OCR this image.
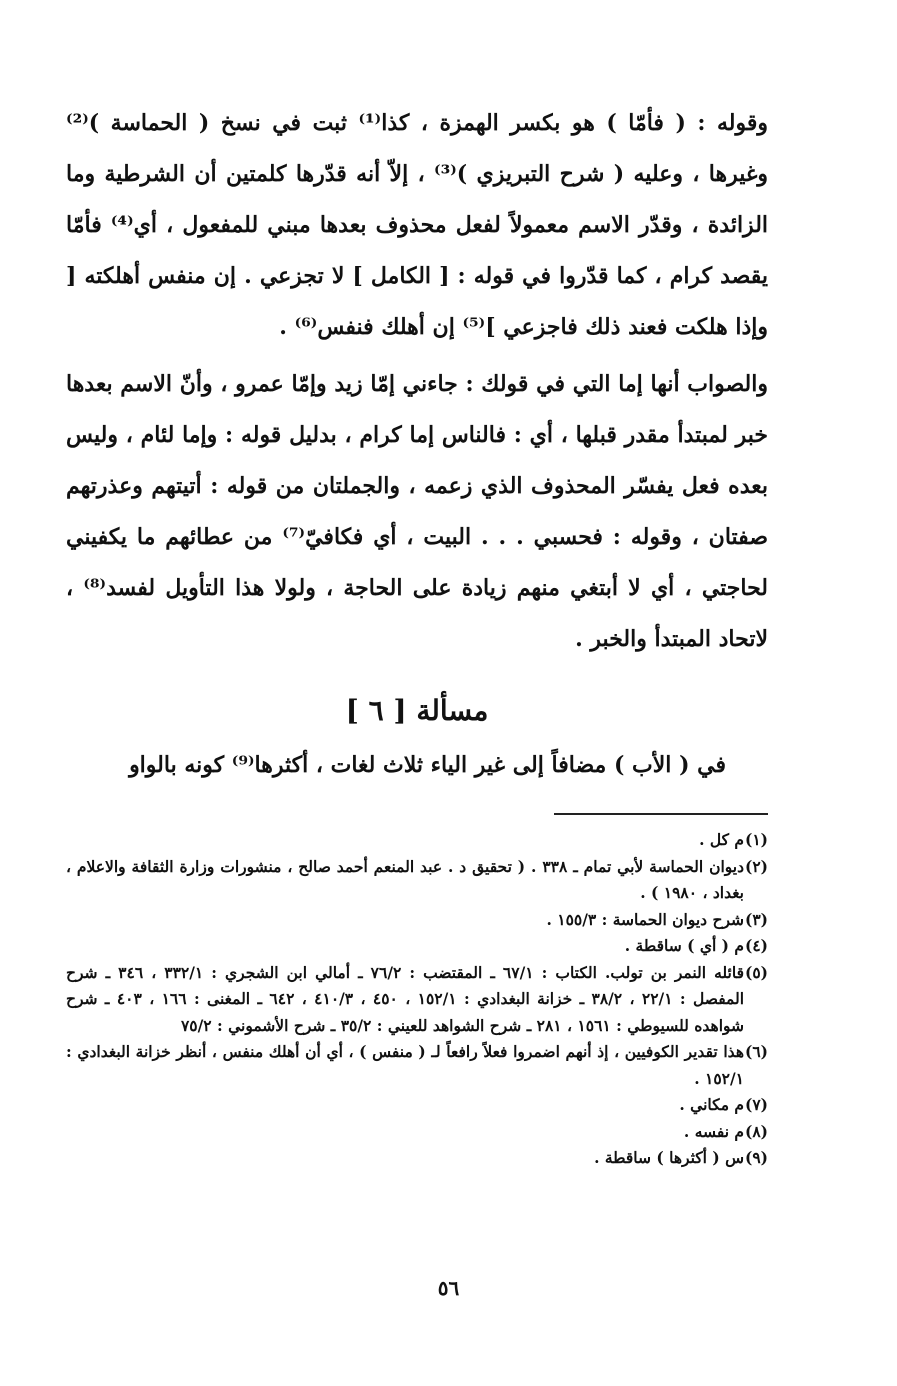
وقوله : ( فأمّا ) هو بكسر الهمزة ، كذا⁽¹⁾ ثبت في نسخ ( الحماسة )⁽²⁾ وغيرها ، وعليه ( شرح التبريزي )⁽³⁾ ، إلاّ أنه قدّرها كلمتين أن الشرطية وما الزائدة ، وقدّر الاسم معمولاً لفعل محذوف بعدها مبني للمفعول ، أي⁽⁴⁾ فأمّا يقصد كرام ، كما قدّروا في قوله : [ الكامل ] لا تجزعي . إن منفس أهلكته [ وإذا هلكت فعند ذلك فاجزعي ]⁽⁵⁾ إن أهلك فنفس⁽⁶⁾ .

والصواب أنها إما التي في قولك : جاءني إمّا زيد وإمّا عمرو ، وأنّ الاسم بعدها خبر لمبتدأ مقدر قبلها ، أي : فالناس إما كرام ، بدليل قوله : وإما لئام ، وليس بعده فعل يفسّر المحذوف الذي زعمه ، والجملتان من قوله : أتيتهم وعذرتهم صفتان ، وقوله : فحسبي . . . البيت ، أي فكافيّ⁽⁷⁾ من عطائهم ما يكفيني لحاجتي ، أي لا أبتغي منهم زيادة على الحاجة ، ولولا هذا التأويل لفسد⁽⁸⁾ ، لاتحاد المبتدأ والخبر .

مسألة [ ٦ ]

في ( الأب ) مضافاً إلى غير الياء ثلاث لغات ، أكثرها⁽⁹⁾ كونه بالواو

(١)
م كل .
(٢)
ديوان الحماسة لأبي تمام ـ ٣٣٨ . ( تحقيق د . عبد المنعم أحمد صالح ، منشورات وزارة الثقافة والاعلام ، بغداد ، ١٩٨٠ ) .
(٣)
شرح ديوان الحماسة : ١٥٥/٣ .
(٤)
م ( أي ) ساقطة .
(٥)
قائله النمر بن تولب. الكتاب : ٦٧/١ ـ المقتضب : ٧٦/٢ ـ أمالي ابن الشجري : ٣٣٢/١ ، ٣٤٦ ـ شرح المفصل : ٢٢/١ ، ٣٨/٢ ـ خزانة البغدادي : ١٥٢/١ ، ٤٥٠ ، ٤١٠/٣ ، ٦٤٢ ـ المغنى : ١٦٦ ، ٤٠٣ ـ شرح شواهده للسيوطي : ١٥٦١ ، ٢٨١ ـ شرح الشواهد للعيني : ٣٥/٢ ـ شرح الأشموني : ٧٥/٢
(٦)
هذا تقدير الكوفيين ، إذ أنهم اضمروا فعلاً رافعاً لـ ( منفس ) ، أي أن أهلك منفس ، أنظر خزانة البغدادي : ١٥٢/١ .
(٧)
م مكاني .
(٨)
م نفسه .
(٩)
س ( أكثرها ) ساقطة .
٥٦
